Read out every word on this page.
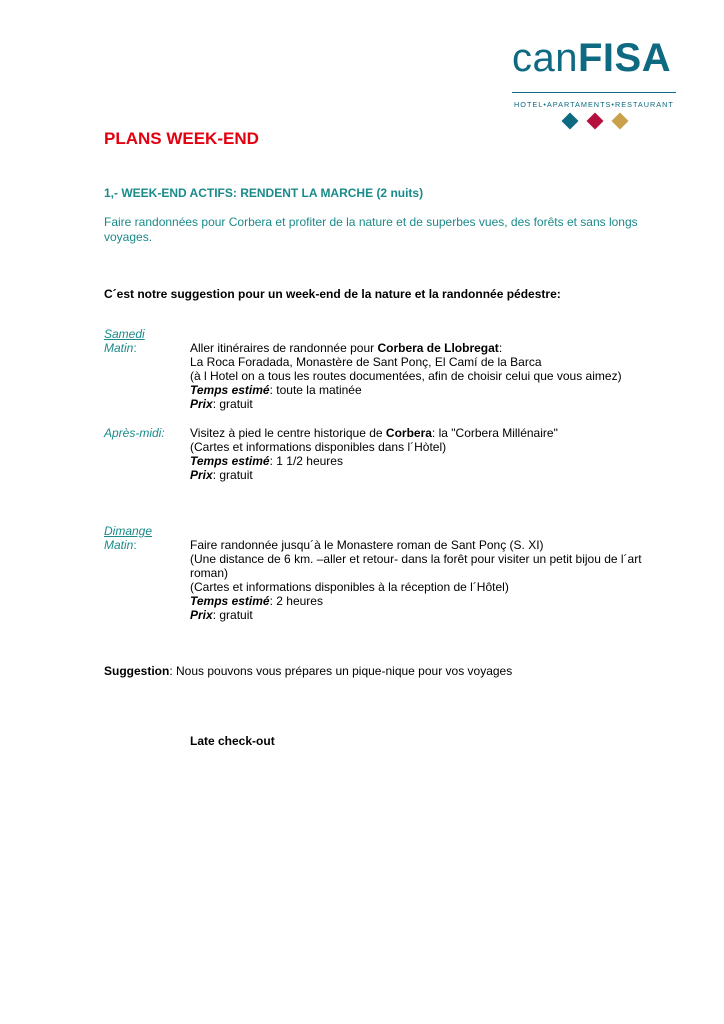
canFISA
HOTEL•APARTAMENTS•RESTAURANT
PLANS WEEK-END
1,- WEEK-END ACTIFS: RENDENT LA MARCHE (2 nuits)
Faire randonnées pour Corbera et profiter de la nature et de superbes vues, des forêts et sans longs voyages.
C´est notre suggestion pour un week-end de la nature et la randonnée pédestre:
Samedi
Matin:	Aller itinéraires de randonnée pour Corbera de Llobregat:
La Roca Foradada, Monastère de Sant Ponç, El Camí de la Barca
(à l Hotel on a tous les routes documentées, afin de choisir celui que vous aimez)
Temps estimé: toute la matinée
Prix: gratuit
Après-midi: Visitez à pied le centre historique de Corbera: la "Corbera Millénaire"
(Cartes et informations disponibles dans l´Hòtel)
Temps estimé: 1 1/2 heures
Prix: gratuit
Dimange
Matin:	Faire randonnée jusqu´à le Monastere roman de Sant Ponç (S. XI)
(Une distance de 6 km. –aller et retour- dans la forêt pour visiter un petit bijou de l´art roman)
(Cartes et informations disponibles à la réception de l´Hôtel)
Temps estimé: 2 heures
Prix: gratuit
Suggestion: Nous pouvons vous prépares un pique-nique pour vos voyages
Late check-out
